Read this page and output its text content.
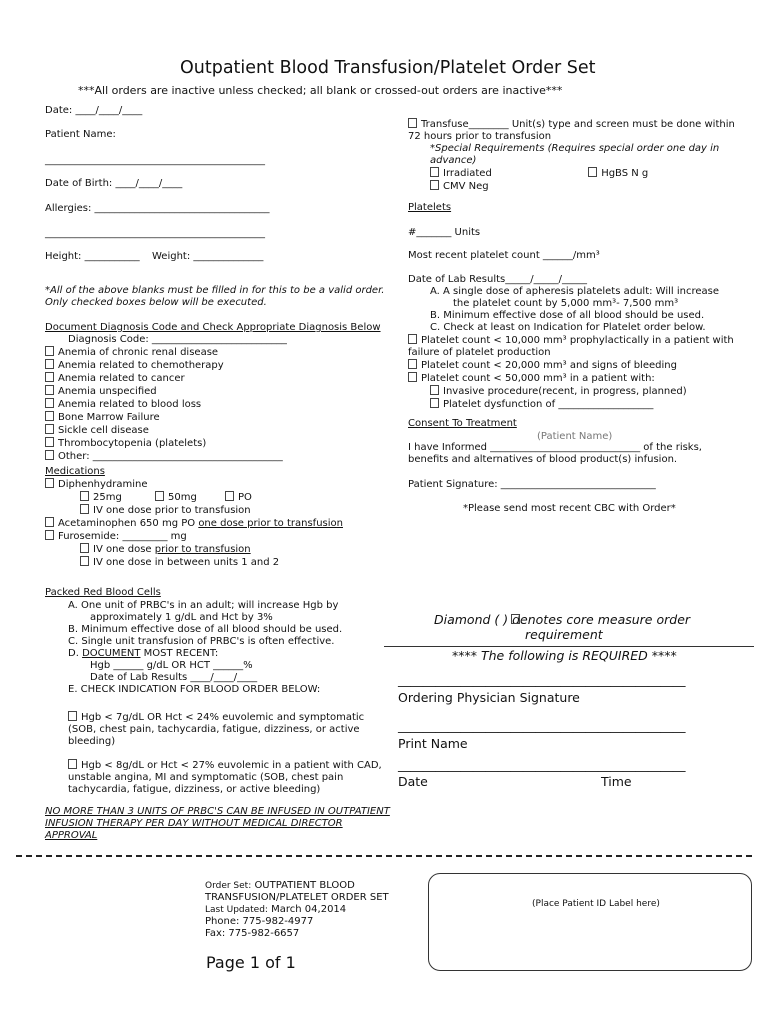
Outpatient Blood Transfusion/Platelet Order Set
***All orders are inactive unless checked; all blank or crossed-out orders are inactive***
Date: ____/____/____
Patient Name:
____________________________________________
Date of Birth: ____/____/____
Allergies: ___________________________________
____________________________________________
Height: ___________ Weight: ______________
*All of the above blanks must be filled in for this to be a valid order. Only checked boxes below will be executed.
Document Diagnosis Code and Check Appropriate Diagnosis Below
Diagnosis Code: ___________________________
Anemia of chronic renal disease
Anemia related to chemotherapy
Anemia related to cancer
Anemia unspecified
Anemia related to blood loss
Bone Marrow Failure
Sickle cell disease
Thrombocytopenia (platelets)
Other: ______________________________________
Medications
Diphenhydramine
25mg	50mg	PO
IV one dose prior to transfusion
Acetaminophen 650 mg PO one dose prior to transfusion
Furosemide: _________ mg
IV one dose prior to transfusion
IV one dose in between units 1 and 2
Packed Red Blood Cells
A. One unit of PRBC's in an adult; will increase Hgb by
approximately 1 g/dL and Hct by 3%
B. Minimum effective dose of all blood should be used.
C. Single unit transfusion of PRBC's is often effective.
D. DOCUMENT MOST RECENT:
Hgb ______ g/dL OR HCT ______%
Date of Lab Results ____/____/____
E. CHECK INDICATION FOR BLOOD ORDER BELOW:
Hgb < 7g/dL OR Hct < 24% euvolemic and symptomatic
(SOB, chest pain, tachycardia, fatigue, dizziness, or active
bleeding)
Hgb < 8g/dL or Hct < 27% euvolemic in a patient with CAD,
unstable angina, MI and symptomatic (SOB, chest pain
tachycardia, fatigue, dizziness, or active bleeding)
NO MORE THAN 3 UNITS OF PRBC'S CAN BE INFUSED IN OUTPATIENT
INFUSION THERAPY PER DAY WITHOUT MEDICAL DIRECTOR
APPROVAL
Transfuse________ Unit(s) type and screen must be done within
72 hours prior to transfusion
*Special Requirements (Requires special order one day in
advance)
Irradiated	HgBS N g
CMV Neg
Platelets
#_______ Units
Most recent platelet count ______/mm³
Date of Lab Results_____/_____/_____
A. A single dose of apheresis platelets adult: Will increase
the platelet count by 5,000 mm³- 7,500 mm³
B. Minimum effective dose of all blood should be used.
C. Check at least on Indication for Platelet order below.
Platelet count < 10,000 mm³ prophylactically in a patient with
failure of platelet production
Platelet count < 20,000 mm³ and signs of bleeding
Platelet count < 50,000 mm³ in a patient with:
Invasive procedure(recent, in progress, planned)
Platelet dysfunction of ___________________
Consent To Treatment
(Patient Name)
I have Informed ______________________________ of the risks,
benefits and alternatives of blood product(s) infusion.
Patient Signature: _______________________________
*Please send most recent CBC with Order*
Diamond ( ) denotes core measure order
requirement
**** The following is REQUIRED ****
______________________________________________
Ordering Physician Signature
______________________________________________
Print Name
______________________________________________
Date	Time
Order Set: OUTPATIENT BLOOD
TRANSFUSION/PLATELET ORDER SET
Last Updated: March 04,2014
Phone: 775-982-4977
Fax: 775-982-6657
Page 1 of 1
(Place Patient ID Label here)
